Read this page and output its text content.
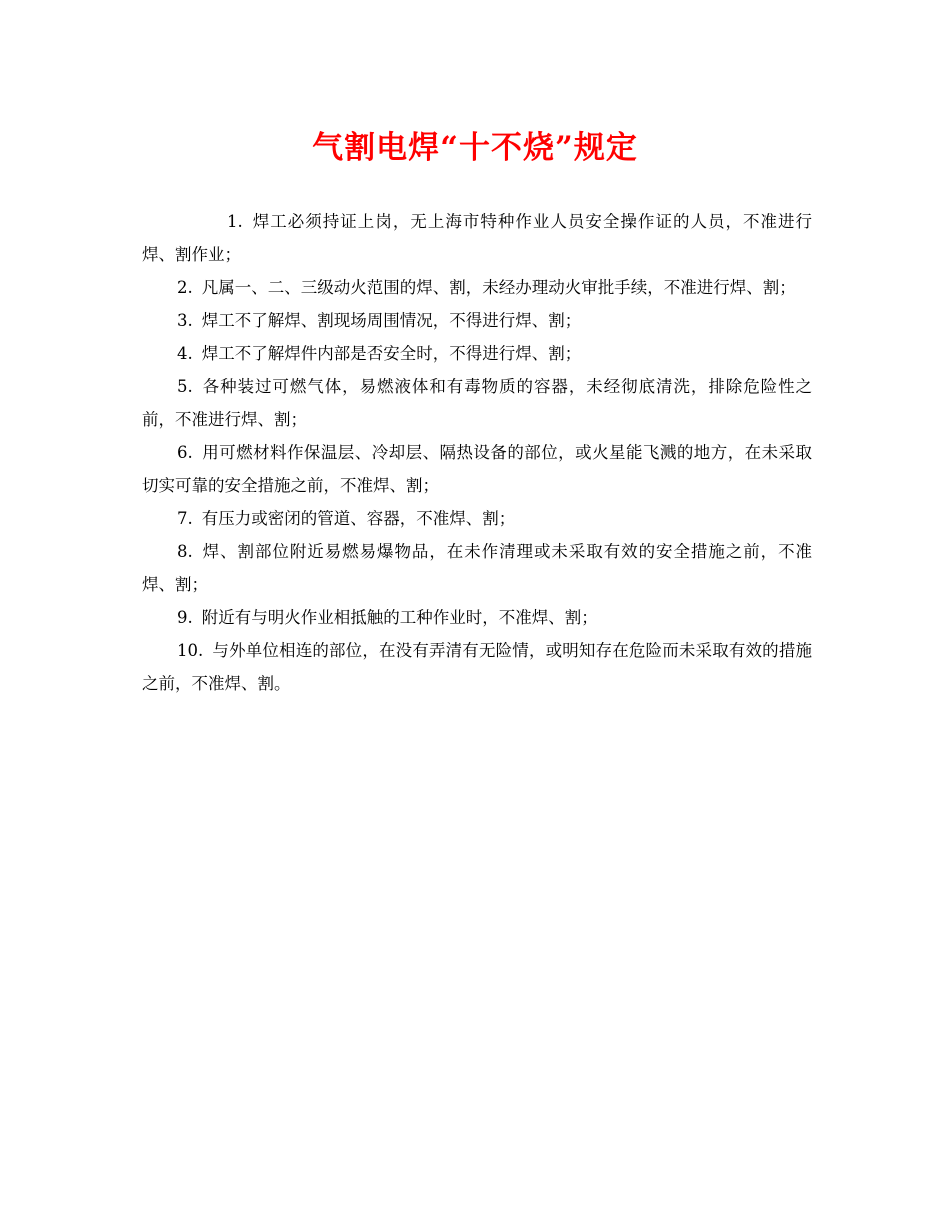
气割电焊“十不烧”规定

1. 焊工必须持证上岗，无上海市特种作业人员安全操作证的人员，不准进行焊、割作业；

2. 凡属一、二、三级动火范围的焊、割，未经办理动火审批手续，不准进行焊、割；

3. 焊工不了解焊、割现场周围情况，不得进行焊、割；

4. 焊工不了解焊件内部是否安全时，不得进行焊、割；

5. 各种装过可燃气体，易燃液体和有毒物质的容器，未经彻底清洗，排除危险性之前，不准进行焊、割；

6. 用可燃材料作保温层、冷却层、隔热设备的部位，或火星能飞溅的地方，在未采取切实可靠的安全措施之前，不准焊、割；

7. 有压力或密闭的管道、容器，不准焊、割；

8. 焊、割部位附近易燃易爆物品，在未作清理或未采取有效的安全措施之前，不准焊、割；

9. 附近有与明火作业相抵触的工种作业时，不准焊、割；

10. 与外单位相连的部位，在没有弄清有无险情，或明知存在危险而未采取有效的措施之前，不准焊、割。
